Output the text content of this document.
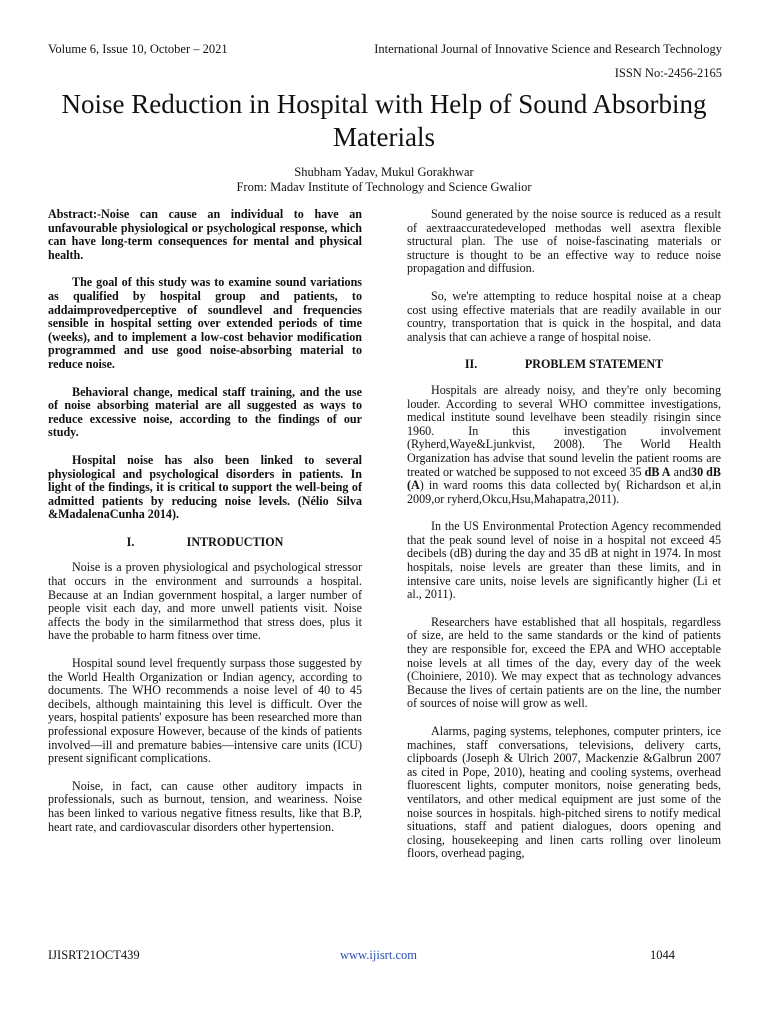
Volume 6, Issue 10, October – 2021	International Journal of Innovative Science and Research Technology
ISSN No:-2456-2165
Noise Reduction in Hospital with Help of Sound Absorbing Materials
Shubham Yadav, Mukul Gorakhwar
From: Madav Institute of Technology and Science Gwalior

Abstract:-Noise can cause an individual to have an unfavourable physiological or psychological response, which can have long-term consequences for mental and physical health.

The goal of this study was to examine sound variations as qualified by hospital group and patients, to addaimprovedperceptive of soundlevel and frequencies sensible in hospital setting over extended periods of time (weeks), and to implement a low-cost behavior modification programmed and use good noise-absorbing material to reduce noise.

Behavioral change, medical staff training, and the use of noise absorbing material are all suggested as ways to reduce excessive noise, according to the findings of our study.

Hospital noise has also been linked to several physiological and psychological disorders in patients. In light of the findings, it is critical to support the well-being of admitted patients by reducing noise levels. (Nélio Silva &MadalenaCunha 2014).

I.	INTRODUCTION

Noise is a proven physiological and psychological stressor that occurs in the environment and surrounds a hospital. Because at an Indian government hospital, a larger number of people visit each day, and more unwell patients visit. Noise affects the body in the similarmethod that stress does, plus it have the probable to harm fitness over time.

Hospital sound level frequently surpass those suggested by the World Health Organization or Indian agency, according to documents. The WHO recommends a noise level of 40 to 45 decibels, although maintaining this level is difficult. Over the years, hospital patients' exposure has been researched more than professional exposure However, because of the kinds of patients involved—ill and premature babies—intensive care units (ICU) present significant complications.

Noise, in fact, can cause other auditory impacts in professionals, such as burnout, tension, and weariness. Noise has been linked to various negative fitness results, like that B.P, heart rate, and cardiovascular disorders other hypertension.

Sound generated by the noise source is reduced as a result of aextraaccuratedeveloped methodas well asextra flexible structural plan. The use of noise-fascinating materials or structure is thought to be an effective way to reduce noise propagation and diffusion.

So, we're attempting to reduce hospital noise at a cheap cost using effective materials that are readily available in our country, transportation that is quick in the hospital, and data analysis that can achieve a range of hospital noise.

II.	PROBLEM STATEMENT

Hospitals are already noisy, and they're only becoming louder. According to several WHO committee investigations, medical institute sound levelhave been steadily risingin since 1960. In this investigation involvement (Ryherd,Waye&Ljunkvist, 2008). The World Health Organization has advise that sound levelin the patient rooms are treated or watched be supposed to not exceed 35 dB A and30 dB (A) in ward rooms this data collected by( Richardson et al,in 2009,or ryherd,Okcu,Hsu,Mahapatra,2011).

In the US Environmental Protection Agency recommended that the peak sound level of noise in a hospital not exceed 45 decibels (dB) during the day and 35 dB at night in 1974. In most hospitals, noise levels are greater than these limits, and in intensive care units, noise levels are significantly higher (Li et al., 2011).

Researchers have established that all hospitals, regardless of size, are held to the same standards or the kind of patients they are responsible for, exceed the EPA and WHO acceptable noise levels at all times of the day, every day of the week (Choiniere, 2010). We may expect that as technology advances Because the lives of certain patients are on the line, the number of sources of noise will grow as well.

Alarms, paging systems, telephones, computer printers, ice machines, staff conversations, televisions, delivery carts, clipboards (Joseph & Ulrich 2007, Mackenzie &Galbrun 2007 as cited in Pope, 2010), heating and cooling systems, overhead fluorescent lights, computer monitors, noise generating beds, ventilators, and other medical equipment are just some of the noise sources in hospitals. high-pitched sirens to notify medical situations, staff and patient dialogues, doors opening and closing, housekeeping and linen carts rolling over linoleum floors, overhead paging,

IJISRT21OCT439	www.ijisrt.com	1044
